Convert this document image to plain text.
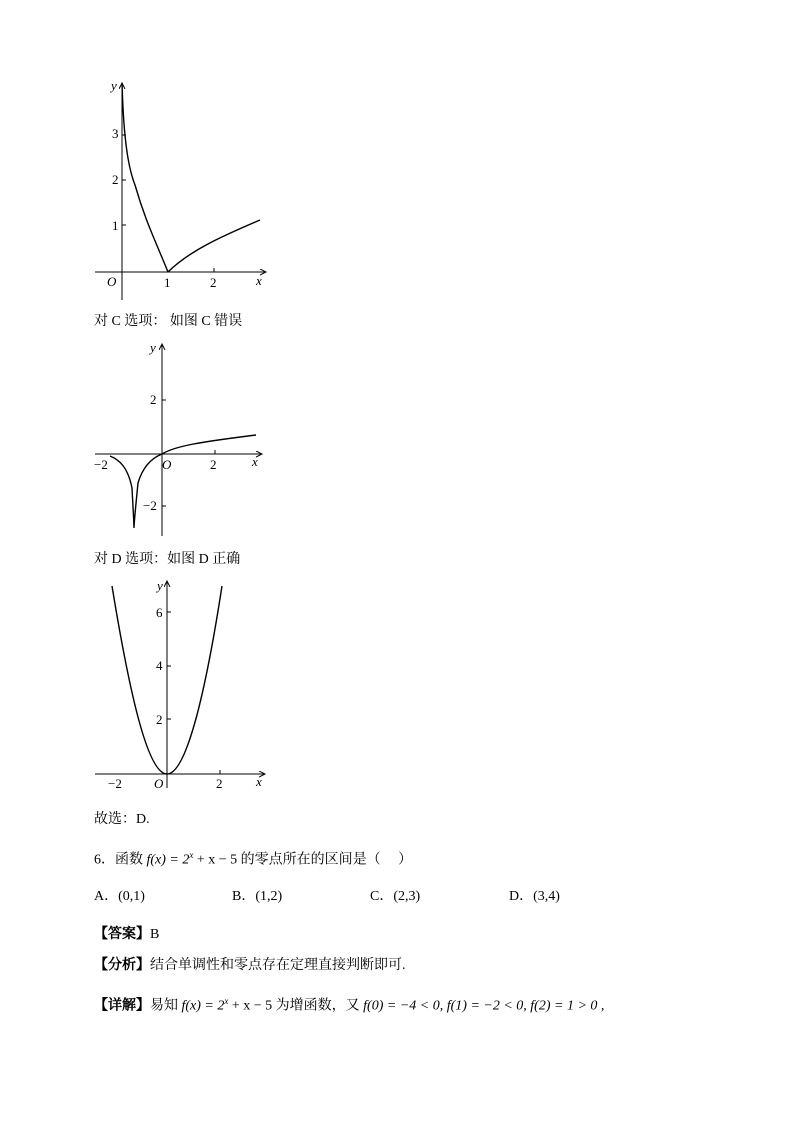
y
x
O	1	2
1
2
3
对 C 选项： 如图 C 错误
y
x
O
−2	2
2
−2
对 D 选项：如图 D 正确
y
x
O
−2	2
2
4
6
故选：D.
6．函数 $f(x) = 2^x + x - 5$ 的零点所在的区间是（　 ）
A．(0,1)	B．(1,2)	C．(2,3)	D．(3,4)
【答案】B
【分析】结合单调性和零点存在定理直接判断即可.
【详解】易知 $f(x) = 2^x + x - 5$ 为增函数，又 f(0) = −4 < 0, f(1) = −2 < 0, f(2) = 1 > 0 ,
